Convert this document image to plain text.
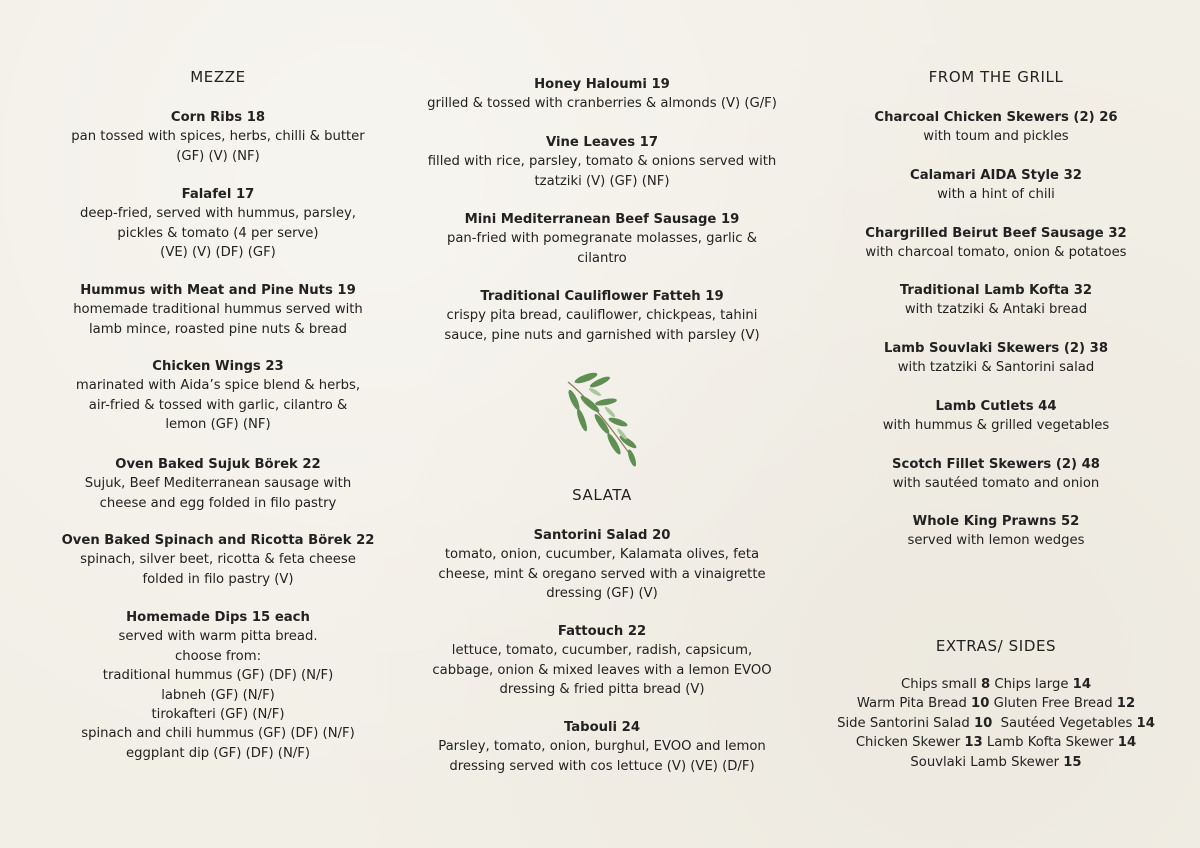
MEZZE
Corn Ribs 18
pan tossed with spices, herbs, chilli & butter
(GF) (V) (NF)
Falafel 17
deep-fried, served with hummus, parsley,
pickles & tomato (4 per serve)
(VE) (V) (DF) (GF)
Hummus with Meat and Pine Nuts 19
homemade traditional hummus served with
lamb mince, roasted pine nuts & bread
Chicken Wings 23
marinated with Aida’s spice blend & herbs,
air-fried & tossed with garlic, cilantro &
lemon (GF) (NF)
Oven Baked Sujuk Börek 22
Sujuk, Beef Mediterranean sausage with
cheese and egg folded in filo pastry
Oven Baked Spinach and Ricotta Börek 22
spinach, silver beet, ricotta & feta cheese
folded in filo pastry (V)
Homemade Dips 15 each
served with warm pitta bread.
choose from:
traditional hummus (GF) (DF) (N/F)
labneh (GF) (N/F)
tirokafteri (GF) (N/F)
spinach and chili hummus (GF) (DF) (N/F)
eggplant dip (GF) (DF) (N/F)
Honey Haloumi 19
grilled & tossed with cranberries & almonds (V) (G/F)
Vine Leaves 17
filled with rice, parsley, tomato & onions served with
tzatziki (V) (GF) (NF)
Mini Mediterranean Beef Sausage 19
pan-fried with pomegranate molasses, garlic &
cilantro
Traditional Cauliflower Fatteh 19
crispy pita bread, cauliflower, chickpeas, tahini
sauce, pine nuts and garnished with parsley (V)
SALATA
Santorini Salad 20
tomato, onion, cucumber, Kalamata olives, feta
cheese, mint & oregano served with a vinaigrette
dressing (GF) (V)
Fattouch 22
lettuce, tomato, cucumber, radish, capsicum,
cabbage, onion & mixed leaves with a lemon EVOO
dressing & fried pitta bread (V)
Tabouli 24
Parsley, tomato, onion, burghul, EVOO and lemon
dressing served with cos lettuce (V) (VE) (D/F)
FROM THE GRILL
Charcoal Chicken Skewers (2) 26
with toum and pickles
Calamari AIDA Style 32
with a hint of chili
Chargrilled Beirut Beef Sausage 32
with charcoal tomato, onion & potatoes
Traditional Lamb Kofta 32
with tzatziki & Antaki bread
Lamb Souvlaki Skewers (2) 38
with tzatziki & Santorini salad
Lamb Cutlets 44
with hummus & grilled vegetables
Scotch Fillet Skewers (2) 48
with sautéed tomato and onion
Whole King Prawns 52
served with lemon wedges
EXTRAS/ SIDES
Chips small 8 Chips large 14
Warm Pita Bread 10 Gluten Free Bread 12
Side Santorini Salad 10  Sautéed Vegetables 14
Chicken Skewer 13 Lamb Kofta Skewer 14
Souvlaki Lamb Skewer 15
